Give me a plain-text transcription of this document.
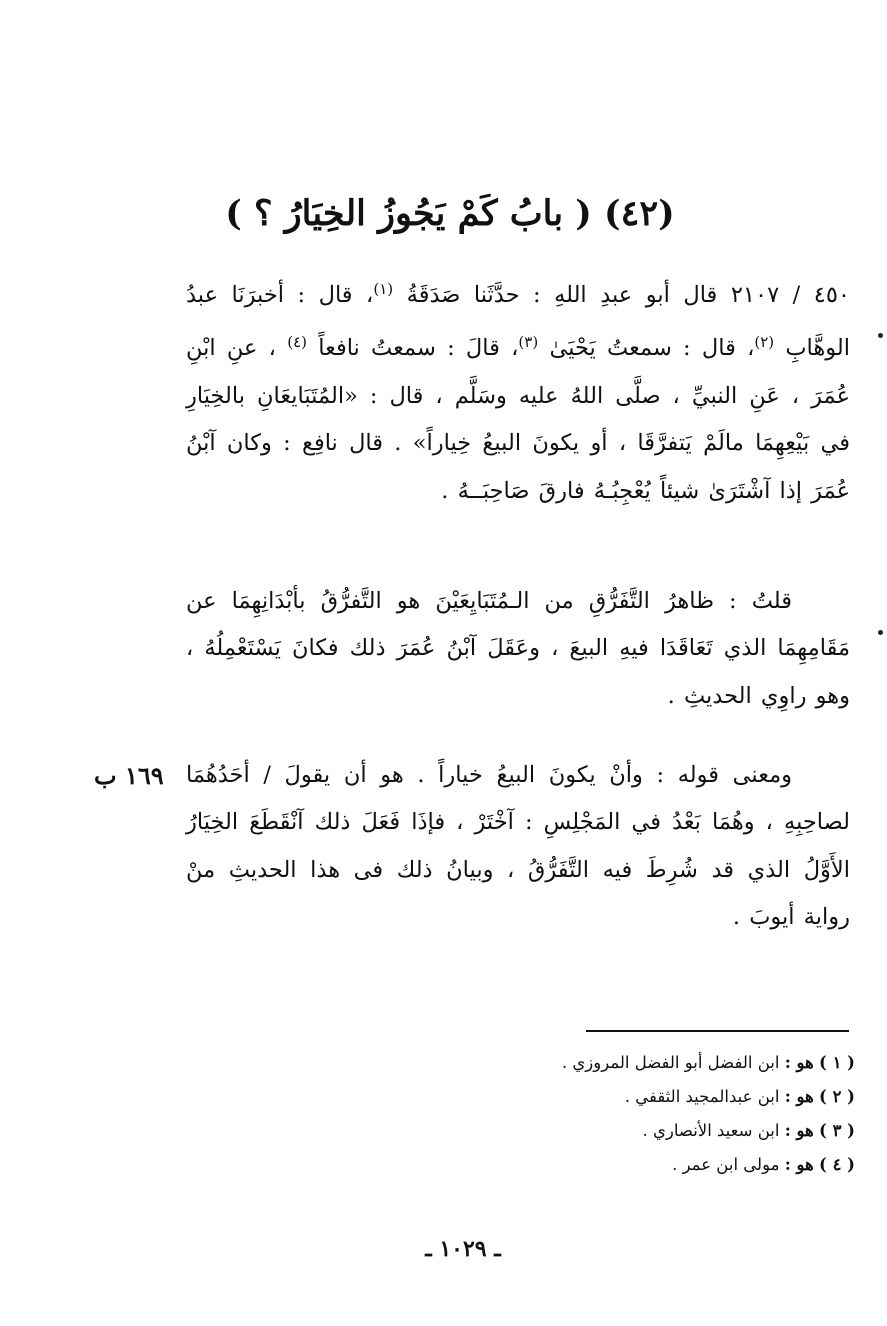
(٤٢) ( بابُ كَمْ يَجُوزُ الخِيَارُ ؟ )
٤٥٠ / ٢١٠٧ قال أبو عبدِ اللهِ : حدَّثَنا صَدَقَةُ $^{(١)}$، قال : أخبرَنَا عبدُ الوهَّابِ $^{(٢)}$، قال : سمعتُ يَحْيَىٰ $^{(٣)}$، قالَ : سمعتُ نافعاً $^{(٤)}$ ، عنِ ابْنِ عُمَرَ ، عَنِ النبيِّ ، صلَّى اللهُ عليه وسَلَّم ، قال : «المُتَبَايعَانِ بالخِيَارِ في بَيْعِهِمَا مالَمْ يَتفرَّقَا ، أو يكونَ البيعُ خِياراً» . قال نافِع : وكان آبْنُ عُمَرَ إذا آشْتَرَىٰ شيئاً يُعْجِبُـهُ فارقَ صَاحِبَــهُ .
قلتُ : ظاهرُ التَّفَرُّقِ من الـمُتَبَايِعَيْنَ هو التَّفرُّقُ بأبْدَانِهِمَا عن مَقَامِهِمَا الذي تَعَاقَدَا فيهِ البيعَ ، وعَقَلَ آبْنُ عُمَرَ ذلك فكانَ يَسْتَعْمِلُهُ ، وهو راوِي الحديثِ .
ومعنى قوله : وأنْ يكونَ البيعُ خياراً . هو أن يقولَ / أحَدُهُمَا لصاحِبِهِ ، وهُمَا بَعْدُ في المَجْلِسِ : آخْتَرْ ، فإذَا فَعَلَ ذلك آنْقَطَعَ الخِيَارُ الأَوَّلُ الذي قد شُرِطَ فيه التَّفَرُّقُ ، وبيانُ ذلك فى هذا الحديثِ منْ رواية أيوبَ .
١٦٩ ب
( ١ ) هو : ابن الفضل أبو الفضل المروزي .
( ٢ ) هو : ابن عبدالمجيد الثقفي .
( ٣ ) هو : ابن سعيد الأنصاري .
( ٤ ) هو : مولى ابن عمر .
ـ ١٠٢٩ ـ
